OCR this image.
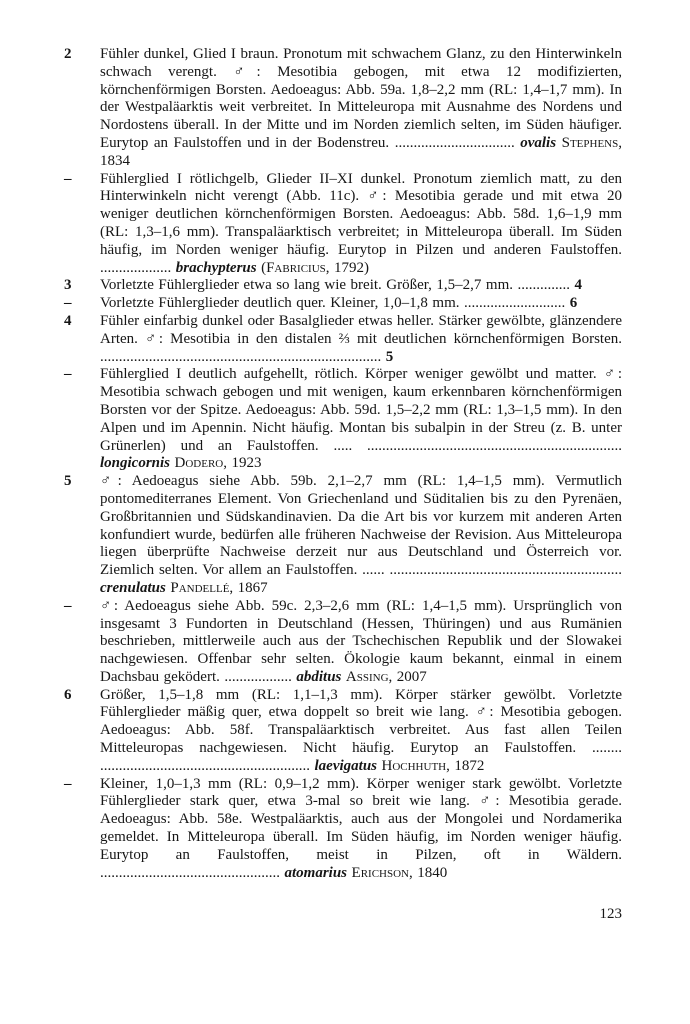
2	Fühler dunkel, Glied I braun. Pronotum mit schwachem Glanz, zu den Hinterwinkeln schwach verengt. ♂: Mesotibia gebogen, mit etwa 12 modifizierten, körnchenförmigen Borsten. Aedoeagus: Abb. 59a. 1,8–2,2 mm (RL: 1,4–1,7 mm). In der Westpaläarktis weit verbreitet. In Mitteleuropa mit Ausnahme des Nordens und Nordostens überall. In der Mitte und im Norden ziemlich selten, im Süden häufiger. Eurytop an Faulstoffen und in der Bodenstreu. ................................ ovalis Stephens, 1834

–	Fühlerglied I rötlichgelb, Glieder II–XI dunkel. Pronotum ziemlich matt, zu den Hinterwinkeln nicht verengt (Abb. 11c). ♂: Mesotibia gerade und mit etwa 20 weniger deutlichen körnchenförmigen Borsten. Aedoeagus: Abb. 58d. 1,6–1,9 mm (RL: 1,3–1,6 mm). Transpaläarktisch verbreitet; in Mitteleuropa überall. Im Süden häufig, im Norden weniger häufig. Eurytop in Pilzen und anderen Faulstoffen. ................... brachypterus (Fabricius, 1792)

3	Vorletzte Fühlerglieder etwa so lang wie breit. Größer, 1,5–2,7 mm. .............. 4

–	Vorletzte Fühlerglieder deutlich quer. Kleiner, 1,0–1,8 mm. ........................... 6

4	Fühler einfarbig dunkel oder Basalglieder etwas heller. Stärker gewölbte, glänzendere Arten. ♂: Mesotibia in den distalen ⅔ mit deutlichen körnchenförmigen Borsten. ........................................................................... 5

–	Fühlerglied I deutlich aufgehellt, rötlich. Körper weniger gewölbt und matter. ♂: Mesotibia schwach gebogen und mit wenigen, kaum erkennbaren körnchenförmigen Borsten vor der Spitze. Aedoeagus: Abb. 59d. 1,5–2,2 mm (RL: 1,3–1,5 mm). In den Alpen und im Apennin. Nicht häufig. Montan bis subalpin in der Streu (z. B. unter Grünerlen) und an Faulstoffen. ..... .................................................................... longicornis Dodero, 1923

5	♂: Aedoeagus siehe Abb. 59b. 2,1–2,7 mm (RL: 1,4–1,5 mm). Vermutlich pontomediterranes Element. Von Griechenland und Süditalien bis zu den Pyrenäen, Großbritannien und Südskandinavien. Da die Art bis vor kurzem mit anderen Arten konfundiert wurde, bedürfen alle früheren Nachweise der Revision. Aus Mitteleuropa liegen überprüfte Nachweise derzeit nur aus Deutschland und Österreich vor. Ziemlich selten. Vor allem an Faulstoffen. ...... .............................................................. crenulatus Pandellé, 1867

–	♂: Aedoeagus siehe Abb. 59c. 2,3–2,6 mm (RL: 1,4–1,5 mm). Ursprünglich von insgesamt 3 Fundorten in Deutschland (Hessen, Thüringen) und aus Rumänien beschrieben, mittlerweile auch aus der Tschechischen Republik und der Slowakei nachgewiesen. Offenbar sehr selten. Ökologie kaum bekannt, einmal in einem Dachsbau geködert. .................. abditus Assing, 2007

6	Größer, 1,5–1,8 mm (RL: 1,1–1,3 mm). Körper stärker gewölbt. Vorletzte Fühlerglieder mäßig quer, etwa doppelt so breit wie lang. ♂: Mesotibia gebogen. Aedoeagus: Abb. 58f. Transpaläarktisch verbreitet. Aus fast allen Teilen Mitteleuropas nachgewiesen. Nicht häufig. Eurytop an Faulstoffen. ........ ........................................................ laevigatus Hochhuth, 1872

–	Kleiner, 1,0–1,3 mm (RL: 0,9–1,2 mm). Körper weniger stark gewölbt. Vorletzte Fühlerglieder stark quer, etwa 3-mal so breit wie lang. ♂: Mesotibia gerade. Aedoeagus: Abb. 58e. Westpaläarktis, auch aus der Mongolei und Nordamerika gemeldet. In Mitteleuropa überall. Im Süden häufig, im Norden weniger häufig. Eurytop an Faulstoffen, meist in Pilzen, oft in Wäldern. ................................................ atomarius Erichson, 1840

123
